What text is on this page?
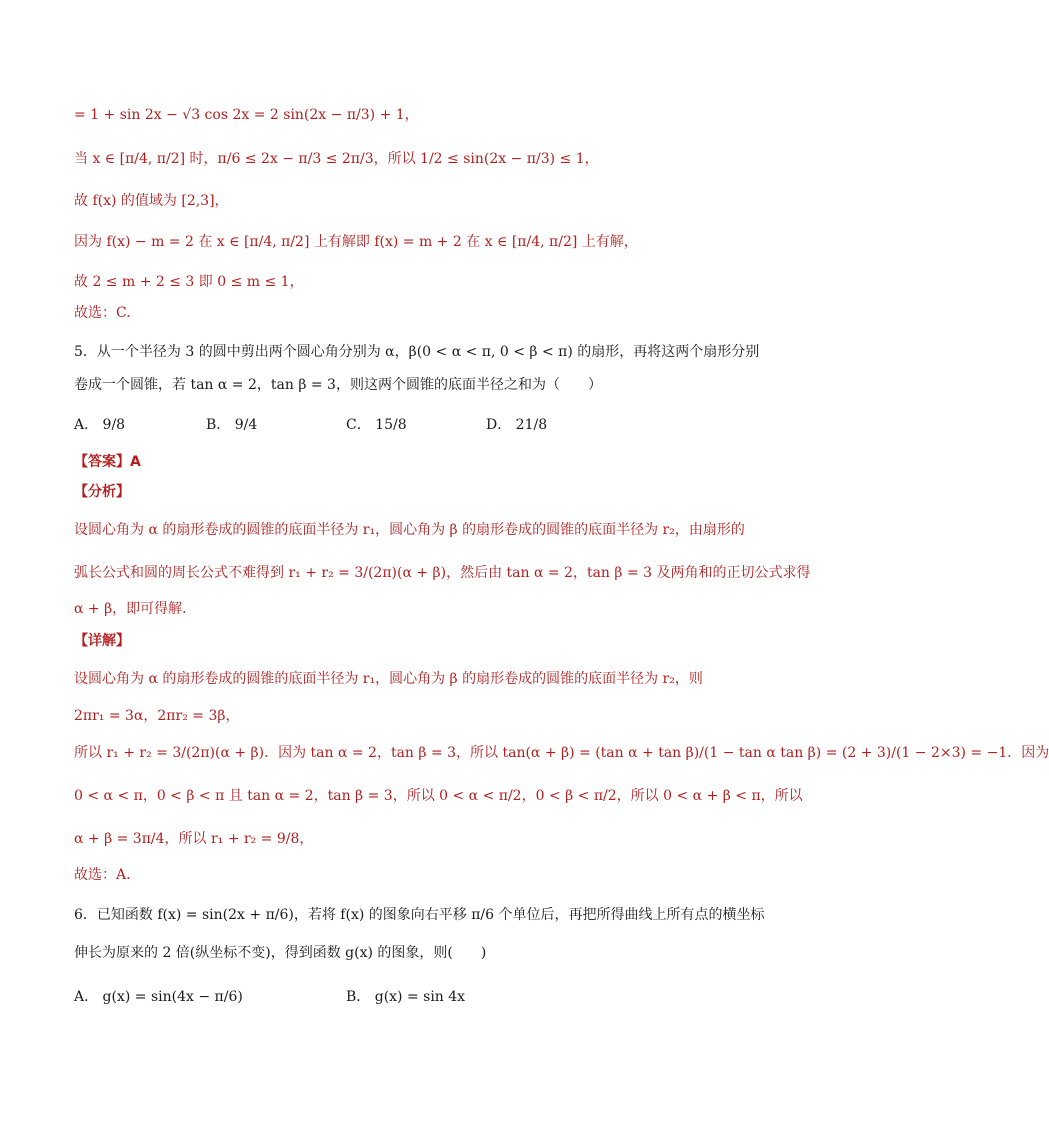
= 1 + sin 2x − √3 cos 2x = 2 sin(2x − π/3) + 1，
当 x ∈ [π/4, π/2] 时，π/6 ≤ 2x − π/3 ≤ 2π/3，所以 1/2 ≤ sin(2x − π/3) ≤ 1，
故 f(x) 的值域为 [2,3]，
因为 f(x) − m = 2 在 x ∈ [π/4, π/2] 上有解即 f(x) = m + 2 在 x ∈ [π/4, π/2] 上有解，
故 2 ≤ m + 2 ≤ 3 即 0 ≤ m ≤ 1，
故选：C.
5．从一个半径为 3 的圆中剪出两个圆心角分别为 α，β(0 < α < π, 0 < β < π) 的扇形，再将这两个扇形分别
卷成一个圆锥，若 tan α = 2，tan β = 3，则这两个圆锥的底面半径之和为（　　）
A． 9/8	B． 9/4	C． 15/8	D． 21/8
【答案】A
【分析】
设圆心角为 α 的扇形卷成的圆锥的底面半径为 r₁，圆心角为 β 的扇形卷成的圆锥的底面半径为 r₂，由扇形的
弧长公式和圆的周长公式不难得到 r₁ + r₂ = 3/(2π)(α + β)，然后由 tan α = 2，tan β = 3 及两角和的正切公式求得
α + β，即可得解．
【详解】
设圆心角为 α 的扇形卷成的圆锥的底面半径为 r₁，圆心角为 β 的扇形卷成的圆锥的底面半径为 r₂，则
2πr₁ = 3α，2πr₂ = 3β，
所以 r₁ + r₂ = 3/(2π)(α + β)．因为 tan α = 2，tan β = 3，所以 tan(α + β) = (tan α + tan β)/(1 − tan α tan β) = (2 + 3)/(1 − 2×3) = −1．因为
0 < α < π，0 < β < π 且 tan α = 2，tan β = 3，所以 0 < α < π/2，0 < β < π/2，所以 0 < α + β < π，所以
α + β = 3π/4，所以 r₁ + r₂ = 9/8，
故选：A.
6．已知函数 f(x) = sin(2x + π/6)，若将 f(x) 的图象向右平移 π/6 个单位后，再把所得曲线上所有点的横坐标
伸长为原来的 2 倍(纵坐标不变)，得到函数 g(x) 的图象，则(　　)
A． g(x) = sin(4x − π/6)	B． g(x) = sin 4x
